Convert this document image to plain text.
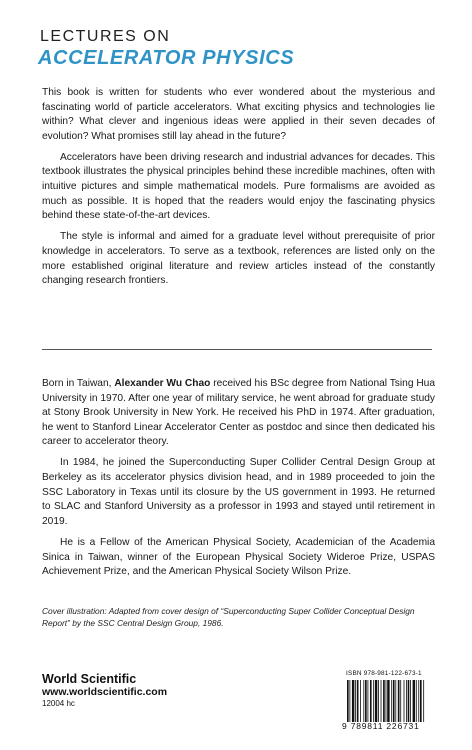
LECTURES ON
ACCELERATOR PHYSICS

This book is written for students who ever wondered about the mysterious and fascinating world of particle accelerators. What exciting physics and technologies lie within? What clever and ingenious ideas were applied in their seven decades of evolution? What promises still lay ahead in the future?

Accelerators have been driving research and industrial advances for decades. This textbook illustrates the physical principles behind these incredible machines, often with intuitive pictures and simple mathematical models. Pure formalisms are avoided as much as possible. It is hoped that the readers would enjoy the fascinating physics behind these state-of-the-art devices.

The style is informal and aimed for a graduate level without prerequisite of prior knowledge in accelerators. To serve as a textbook, references are listed only on the more established original literature and review articles instead of the constantly changing research frontiers.

Born in Taiwan, Alexander Wu Chao received his BSc degree from National Tsing Hua University in 1970. After one year of military service, he went abroad for graduate study at Stony Brook University in New York. He received his PhD in 1974. After graduation, he went to Stanford Linear Accelerator Center as postdoc and since then dedicated his career to accelerator theory.

In 1984, he joined the Superconducting Super Collider Central Design Group at Berkeley as its accelerator physics division head, and in 1989 proceeded to join the SSC Laboratory in Texas until its closure by the US government in 1993. He returned to SLAC and Stanford University as a professor in 1993 and stayed until retirement in 2019.

He is a Fellow of the American Physical Society, Academician of the Academia Sinica in Taiwan, winner of the European Physical Society Wideroe Prize, USPAS Achievement Prize, and the American Physical Society Wilson Prize.

Cover illustration: Adapted from cover design of “Superconducting Super Collider Conceptual Design Report” by the SSC Central Design Group, 1986.
World Scientific
www.worldscientific.com
12004 hc
ISBN 978-981-122-673-1
9 789811 226731
